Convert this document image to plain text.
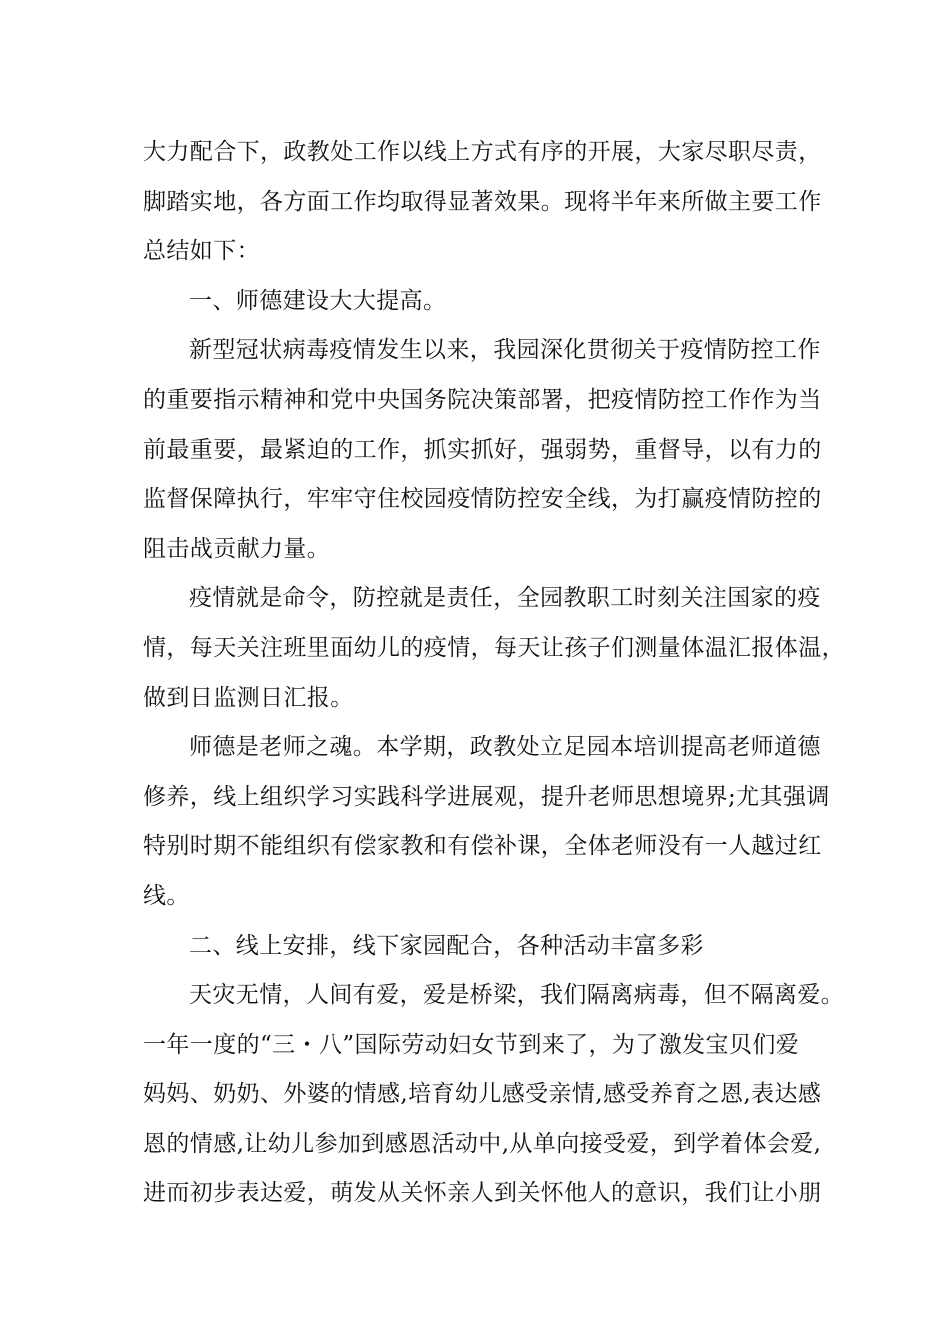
大力配合下，政教处工作以线上方式有序的开展，大家尽职尽责，
脚踏实地，各方面工作均取得显著效果。现将半年来所做主要工作
总结如下：
一、师德建设大大提高。
新型冠状病毒疫情发生以来，我园深化贯彻关于疫情防控工作
的重要指示精神和党中央国务院决策部署，把疫情防控工作作为当
前最重要，最紧迫的工作，抓实抓好，强弱势，重督导，以有力的
监督保障执行，牢牢守住校园疫情防控安全线，为打赢疫情防控的
阻击战贡献力量。
疫情就是命令，防控就是责任，全园教职工时刻关注国家的疫
情，每天关注班里面幼儿的疫情，每天让孩子们测量体温汇报体温，
做到日监测日汇报。
师德是老师之魂。本学期，政教处立足园本培训提高老师道德
修养，线上组织学习实践科学进展观，提升老师思想境界;尤其强调
特别时期不能组织有偿家教和有偿补课，全体老师没有一人越过红
线。
二、线上安排，线下家园配合，各种活动丰富多彩
天灾无情，人间有爱，爱是桥梁，我们隔离病毒，但不隔离爱。
一年一度的“三・八”国际劳动妇女节到来了，为了激发宝贝们爱
妈妈、奶奶、外婆的情感,培育幼儿感受亲情,感受养育之恩,表达感
恩的情感,让幼儿参加到感恩活动中,从单向接受爱，到学着体会爱,
进而初步表达爱，萌发从关怀亲人到关怀他人的意识，我们让小朋
